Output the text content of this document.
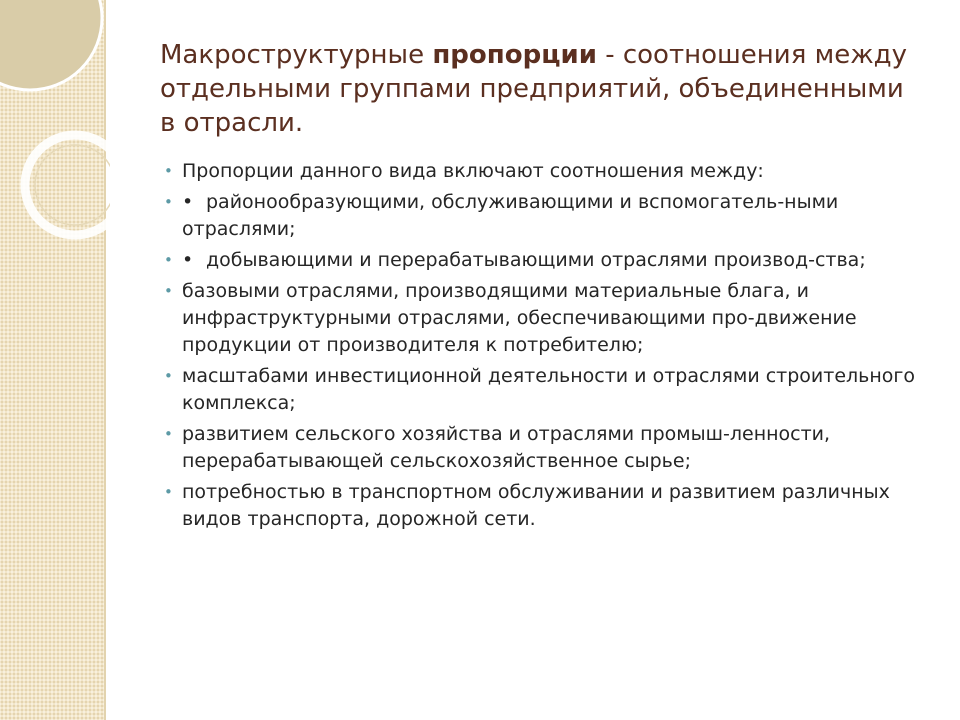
Макроструктурные пропорции - соотношения между отдельными группами предприятий, объединенными в отрасли.
• Пропорции данного вида включают соотношения между:
• • районообразующими, обслуживающими и вспомогатель-ными отраслями;
• • добывающими и перерабатывающими отраслями производ-ства;
• базовыми отраслями, производящими материальные блага, и инфраструктурными отраслями, обеспечивающими про-движение продукции от производителя к потребителю;
• масштабами инвестиционной деятельности и отраслями строительного комплекса;
• развитием сельского хозяйства и отраслями промыш-ленности, перерабатывающей сельскохозяйственное сырье;
• потребностью в транспортном обслуживании и развитием различных видов транспорта, дорожной сети.
